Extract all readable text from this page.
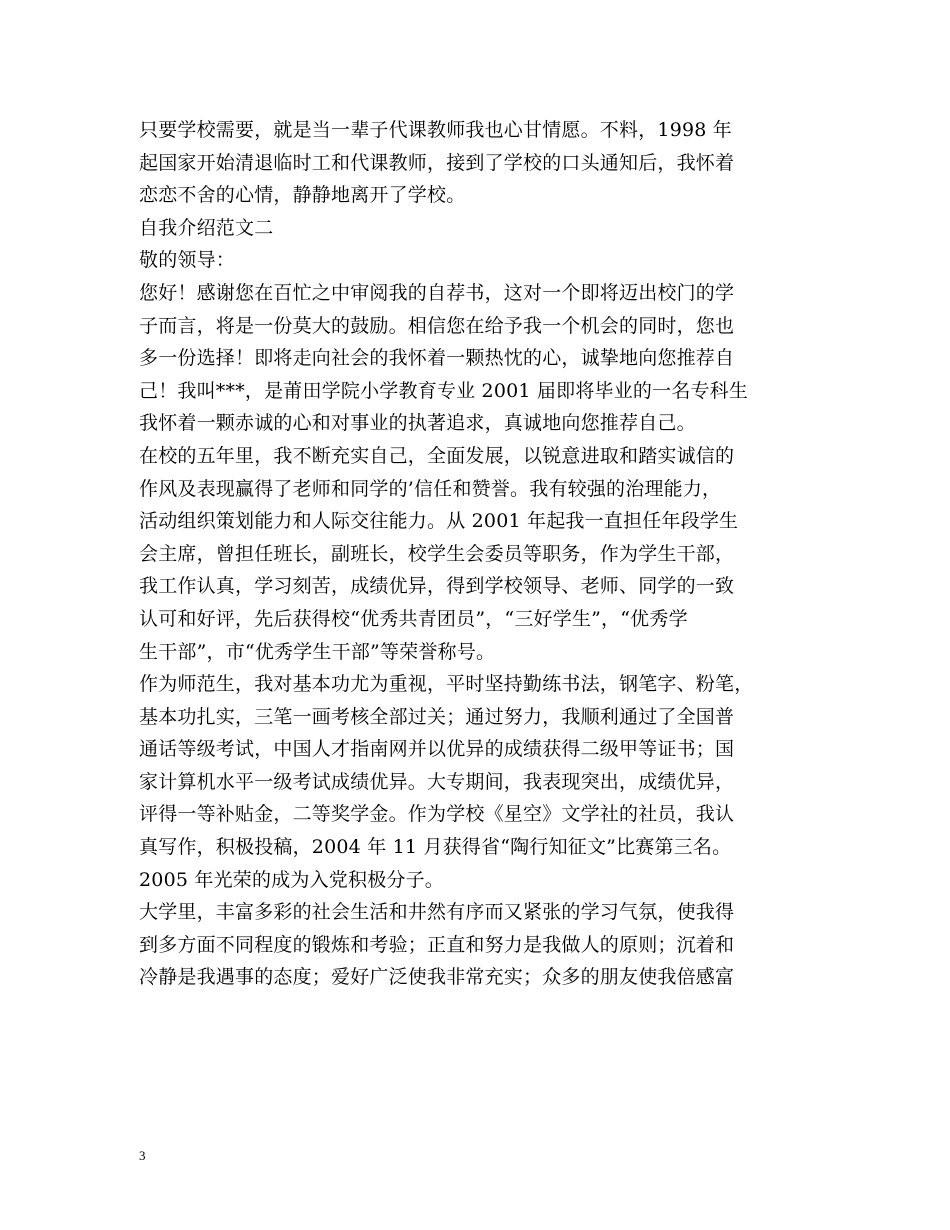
只要学校需要，就是当一辈子代课教师我也心甘情愿。不料，1998 年
起国家开始清退临时工和代课教师，接到了学校的口头通知后，我怀着
恋恋不舍的心情，静静地离开了学校。
自我介绍范文二
敬的领导：
您好！感谢您在百忙之中审阅我的自荐书，这对一个即将迈出校门的学
子而言，将是一份莫大的鼓励。相信您在给予我一个机会的同时，您也
多一份选择！即将走向社会的我怀着一颗热忱的心，诚挚地向您推荐自
己！我叫***，是莆田学院小学教育专业 2001 届即将毕业的一名专科生
我怀着一颗赤诚的心和对事业的执著追求，真诚地向您推荐自己。
在校的五年里，我不断充实自己，全面发展，以锐意进取和踏实诚信的
作风及表现赢得了老师和同学的’信任和赞誉。我有较强的治理能力，
活动组织策划能力和人际交往能力。从 2001 年起我一直担任年段学生
会主席，曾担任班长，副班长，校学生会委员等职务，作为学生干部，
我工作认真，学习刻苦，成绩优异，得到学校领导、老师、同学的一致
认可和好评，先后获得校“优秀共青团员”，“三好学生”，“优秀学
生干部”，市“优秀学生干部”等荣誉称号。
作为师范生，我对基本功尤为重视，平时坚持勤练书法，钢笔字、粉笔，
基本功扎实，三笔一画考核全部过关；通过努力，我顺利通过了全国普
通话等级考试，中国人才指南网并以优异的成绩获得二级甲等证书；国
家计算机水平一级考试成绩优异。大专期间，我表现突出，成绩优异，
评得一等补贴金，二等奖学金。作为学校《星空》文学社的社员，我认
真写作，积极投稿，2004 年 11 月获得省“陶行知征文”比赛第三名。
2005 年光荣的成为入党积极分子。
大学里，丰富多彩的社会生活和井然有序而又紧张的学习气氛，使我得
到多方面不同程度的锻炼和考验；正直和努力是我做人的原则；沉着和
冷静是我遇事的态度；爱好广泛使我非常充实；众多的朋友使我倍感富
3
